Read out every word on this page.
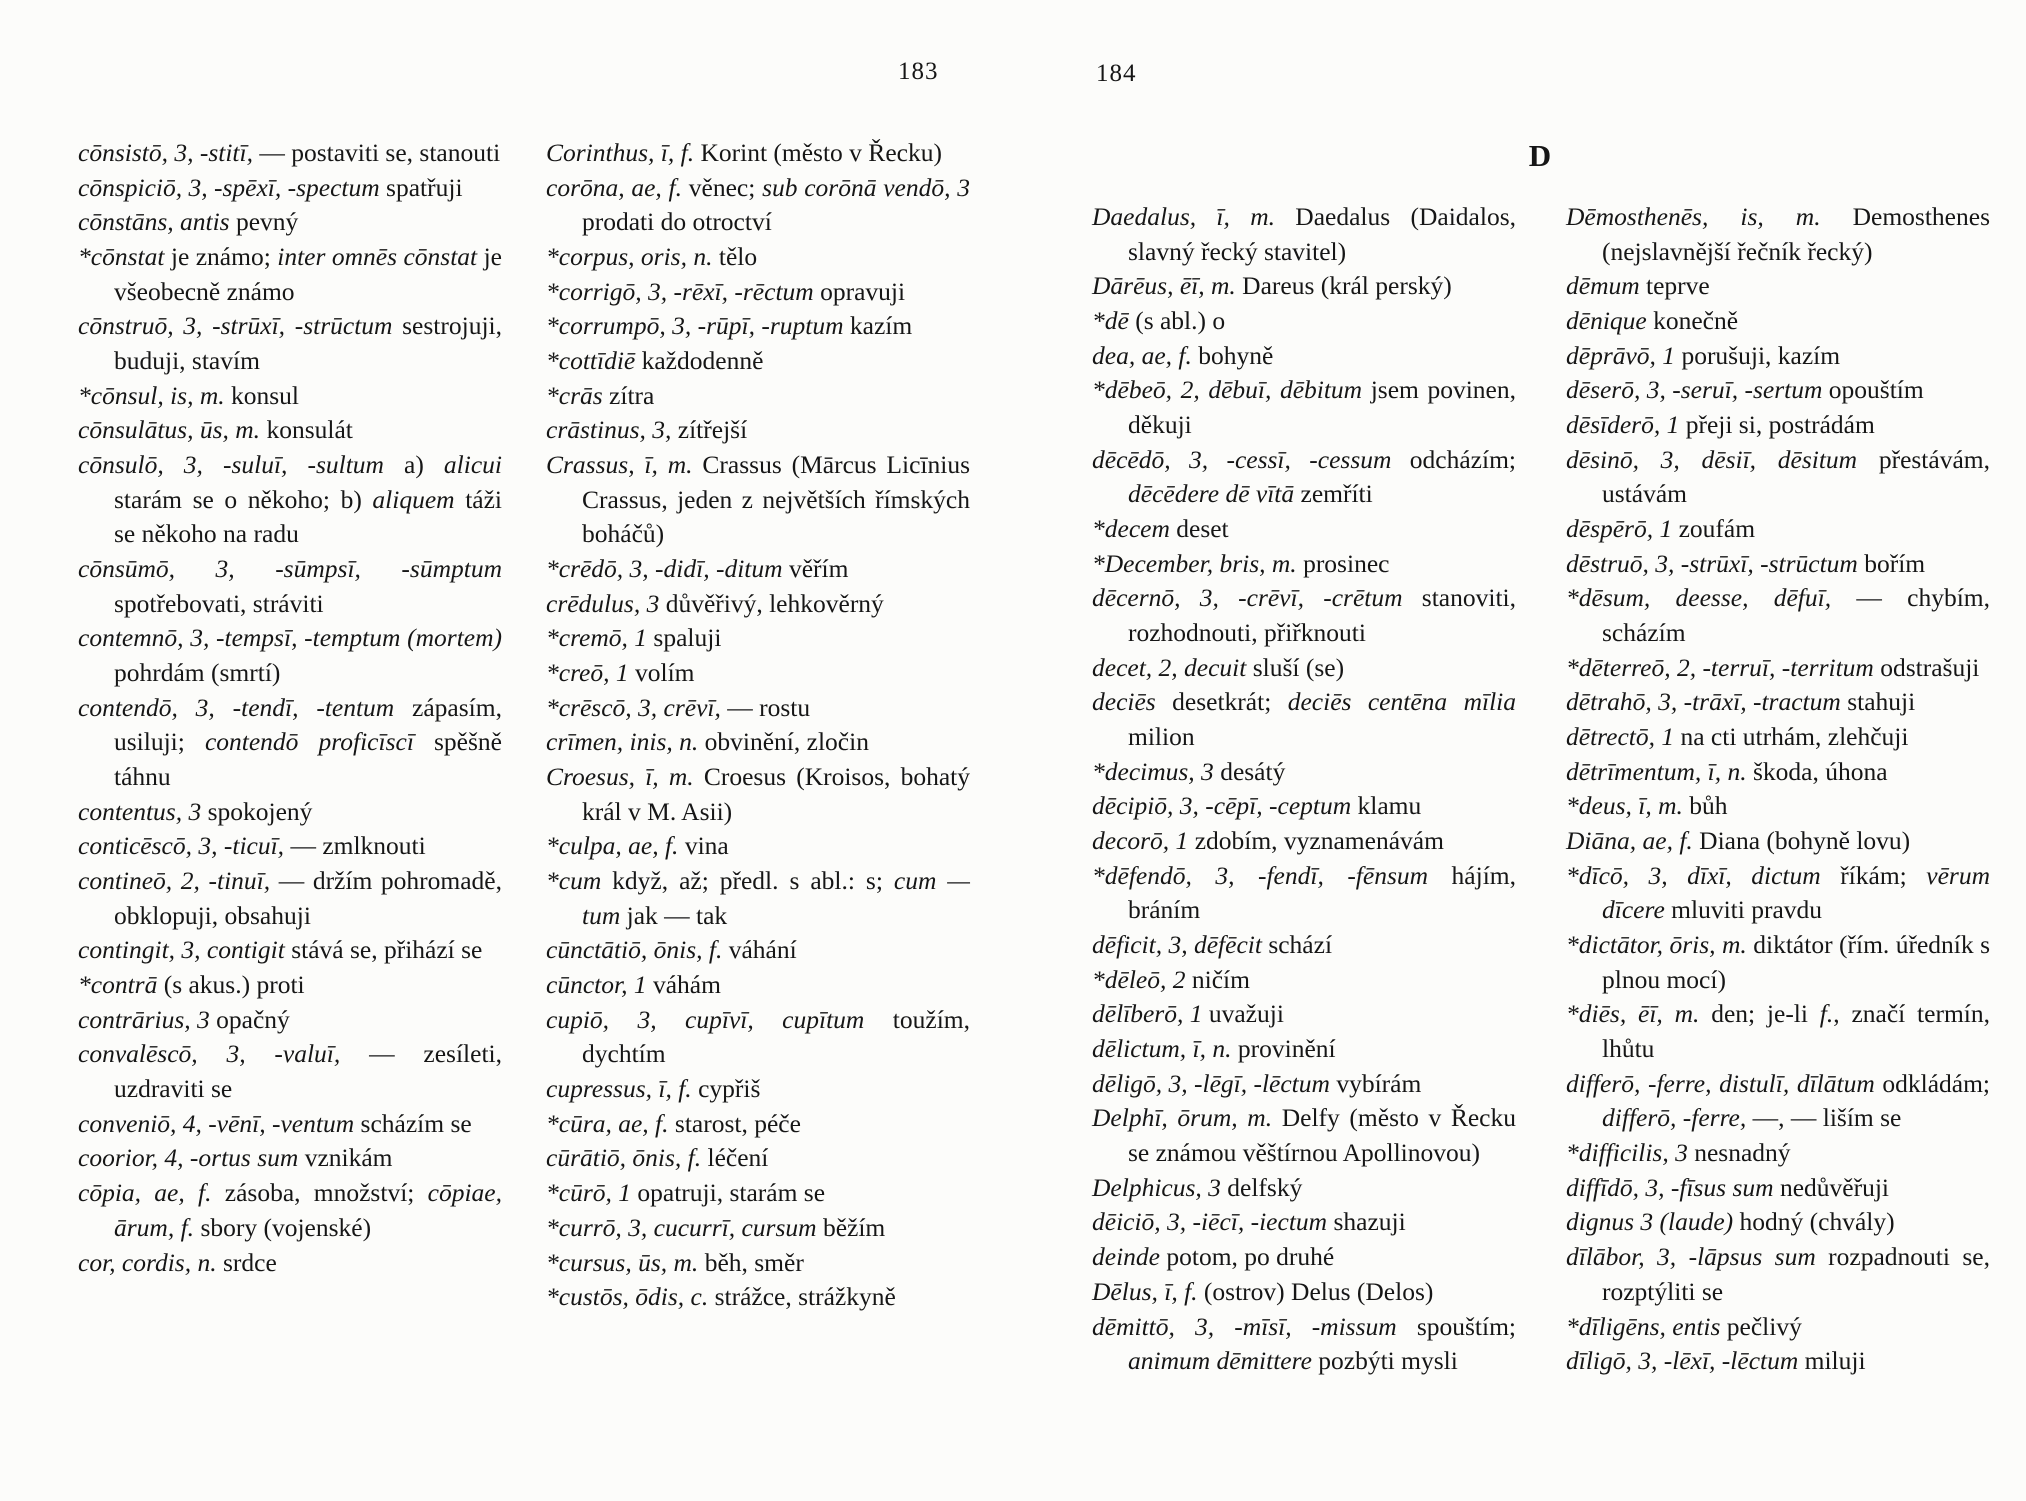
183	184
D

cōnsistō, 3, -stitī, — postaviti se, stanouti

cōnspiciō, 3, -spēxī, -spectum spatřuji

cōnstāns, antis pevný

*cōnstat je známo; inter omnēs cōnstat je všeobecně známo

cōnstruō, 3, -strūxī, -strūctum sestrojuji, buduji, stavím

*cōnsul, is, m. konsul

cōnsulātus, ūs, m. konsulát

cōnsulō, 3, -suluī, -sultum a) alicui starám se o někoho; b) aliquem táži se někoho na radu

cōnsūmō, 3, -sūmpsī, -sūmptum spotřebovati, stráviti

contemnō, 3, -tempsī, -temptum (mortem) pohrdám (smrtí)

contendō, 3, -tendī, -tentum zápasím, usiluji; contendō proficīscī spěšně táhnu

contentus, 3 spokojený

conticēscō, 3, -ticuī, — zmlknouti

contineō, 2, -tinuī, — držím pohromadě, obklopuji, obsahuji

contingit, 3, contigit stává se, přihází se

*contrā (s akus.) proti

contrārius, 3 opačný

convalēscō, 3, -valuī, — zesíleti, uzdraviti se

conveniō, 4, -vēnī, -ventum scházím se

coorior, 4, -ortus sum vznikám

cōpia, ae, f. zásoba, množství; cōpiae, ārum, f. sbory (vojenské)

cor, cordis, n. srdce

Corinthus, ī, f. Korint (město v Řecku)

corōna, ae, f. věnec; sub corōnā vendō, 3 prodati do otroctví

*corpus, oris, n. tělo

*corrigō, 3, -rēxī, -rēctum opravuji

*corrumpō, 3, -rūpī, -ruptum kazím

*cottīdiē každodenně

*crās zítra

crāstinus, 3, zítřejší

Crassus, ī, m. Crassus (Mārcus Licīnius Crassus, jeden z největších římských boháčů)

*crēdō, 3, -didī, -ditum věřím

crēdulus, 3 důvěřivý, lehkověrný

*cremō, 1 spaluji

*creō, 1 volím

*crēscō, 3, crēvī, — rostu

crīmen, inis, n. obvinění, zločin

Croesus, ī, m. Croesus (Kroisos, bohatý král v M. Asii)

*culpa, ae, f. vina

*cum když, až; předl. s abl.: s; cum — tum jak — tak

cūnctātiō, ōnis, f. váhání

cūnctor, 1 váhám

cupiō, 3, cupīvī, cupītum toužím, dychtím

cupressus, ī, f. cypřiš

*cūra, ae, f. starost, péče

cūrātiō, ōnis, f. léčení

*cūrō, 1 opatruji, starám se

*currō, 3, cucurrī, cursum běžím

*cursus, ūs, m. běh, směr

*custōs, ōdis, c. strážce, strážkyně

Daedalus, ī, m. Daedalus (Daidalos, slavný řecký stavitel)

Dārēus, ēī, m. Dareus (král perský)

*dē (s abl.) o

dea, ae, f. bohyně

*dēbeō, 2, dēbuī, dēbitum jsem povinen, děkuji

dēcēdō, 3, -cessī, -cessum odcházím; dēcēdere dē vītā zemříti

*decem deset

*December, bris, m. prosinec

dēcernō, 3, -crēvī, -crētum stanoviti, rozhodnouti, přiřknouti

decet, 2, decuit sluší (se)

deciēs desetkrát; deciēs centēna mīlia milion

*decimus, 3 desátý

dēcipiō, 3, -cēpī, -ceptum klamu

decorō, 1 zdobím, vyznamenávám

*dēfendō, 3, -fendī, -fēnsum hájím, bráním

dēficit, 3, dēfēcit schází

*dēleō, 2 ničím

dēlīberō, 1 uvažuji

dēlictum, ī, n. provinění

dēligō, 3, -lēgī, -lēctum vybírám

Delphī, ōrum, m. Delfy (město v Řecku se známou věštírnou Apollinovou)

Delphicus, 3 delfský

dēiciō, 3, -iēcī, -iectum shazuji

deinde potom, po druhé

Dēlus, ī, f. (ostrov) Delus (Delos)

dēmittō, 3, -mīsī, -missum spouštím; animum dēmittere pozbýti mysli

Dēmosthenēs, is, m. Demosthenes (nejslavnější řečník řecký)

dēmum teprve

dēnique konečně

dēprāvō, 1 porušuji, kazím

dēserō, 3, -seruī, -sertum opouštím

dēsīderō, 1 přeji si, postrádám

dēsinō, 3, dēsiī, dēsitum přestávám, ustávám

dēspērō, 1 zoufám

dēstruō, 3, -strūxī, -strūctum bořím

*dēsum, deesse, dēfuī, — chybím, scházím

*dēterreō, 2, -terruī, -territum odstrašuji

dētrahō, 3, -trāxī, -tractum stahuji

dētrectō, 1 na cti utrhám, zlehčuji

dētrīmentum, ī, n. škoda, úhona

*deus, ī, m. bůh

Diāna, ae, f. Diana (bohyně lovu)

*dīcō, 3, dīxī, dictum říkám; vērum dīcere mluviti pravdu

*dictātor, ōris, m. diktátor (řím. úředník s plnou mocí)

*diēs, ēī, m. den; je-li f., značí termín, lhůtu

differō, -ferre, distulī, dīlātum odkládám; differō, -ferre, —, — liším se

*difficilis, 3 nesnadný

diffīdō, 3, -fīsus sum nedůvěřuji

dignus 3 (laude) hodný (chvály)

dīlābor, 3, -lāpsus sum rozpadnouti se, rozptýliti se

*dīligēns, entis pečlivý

dīligō, 3, -lēxī, -lēctum miluji
